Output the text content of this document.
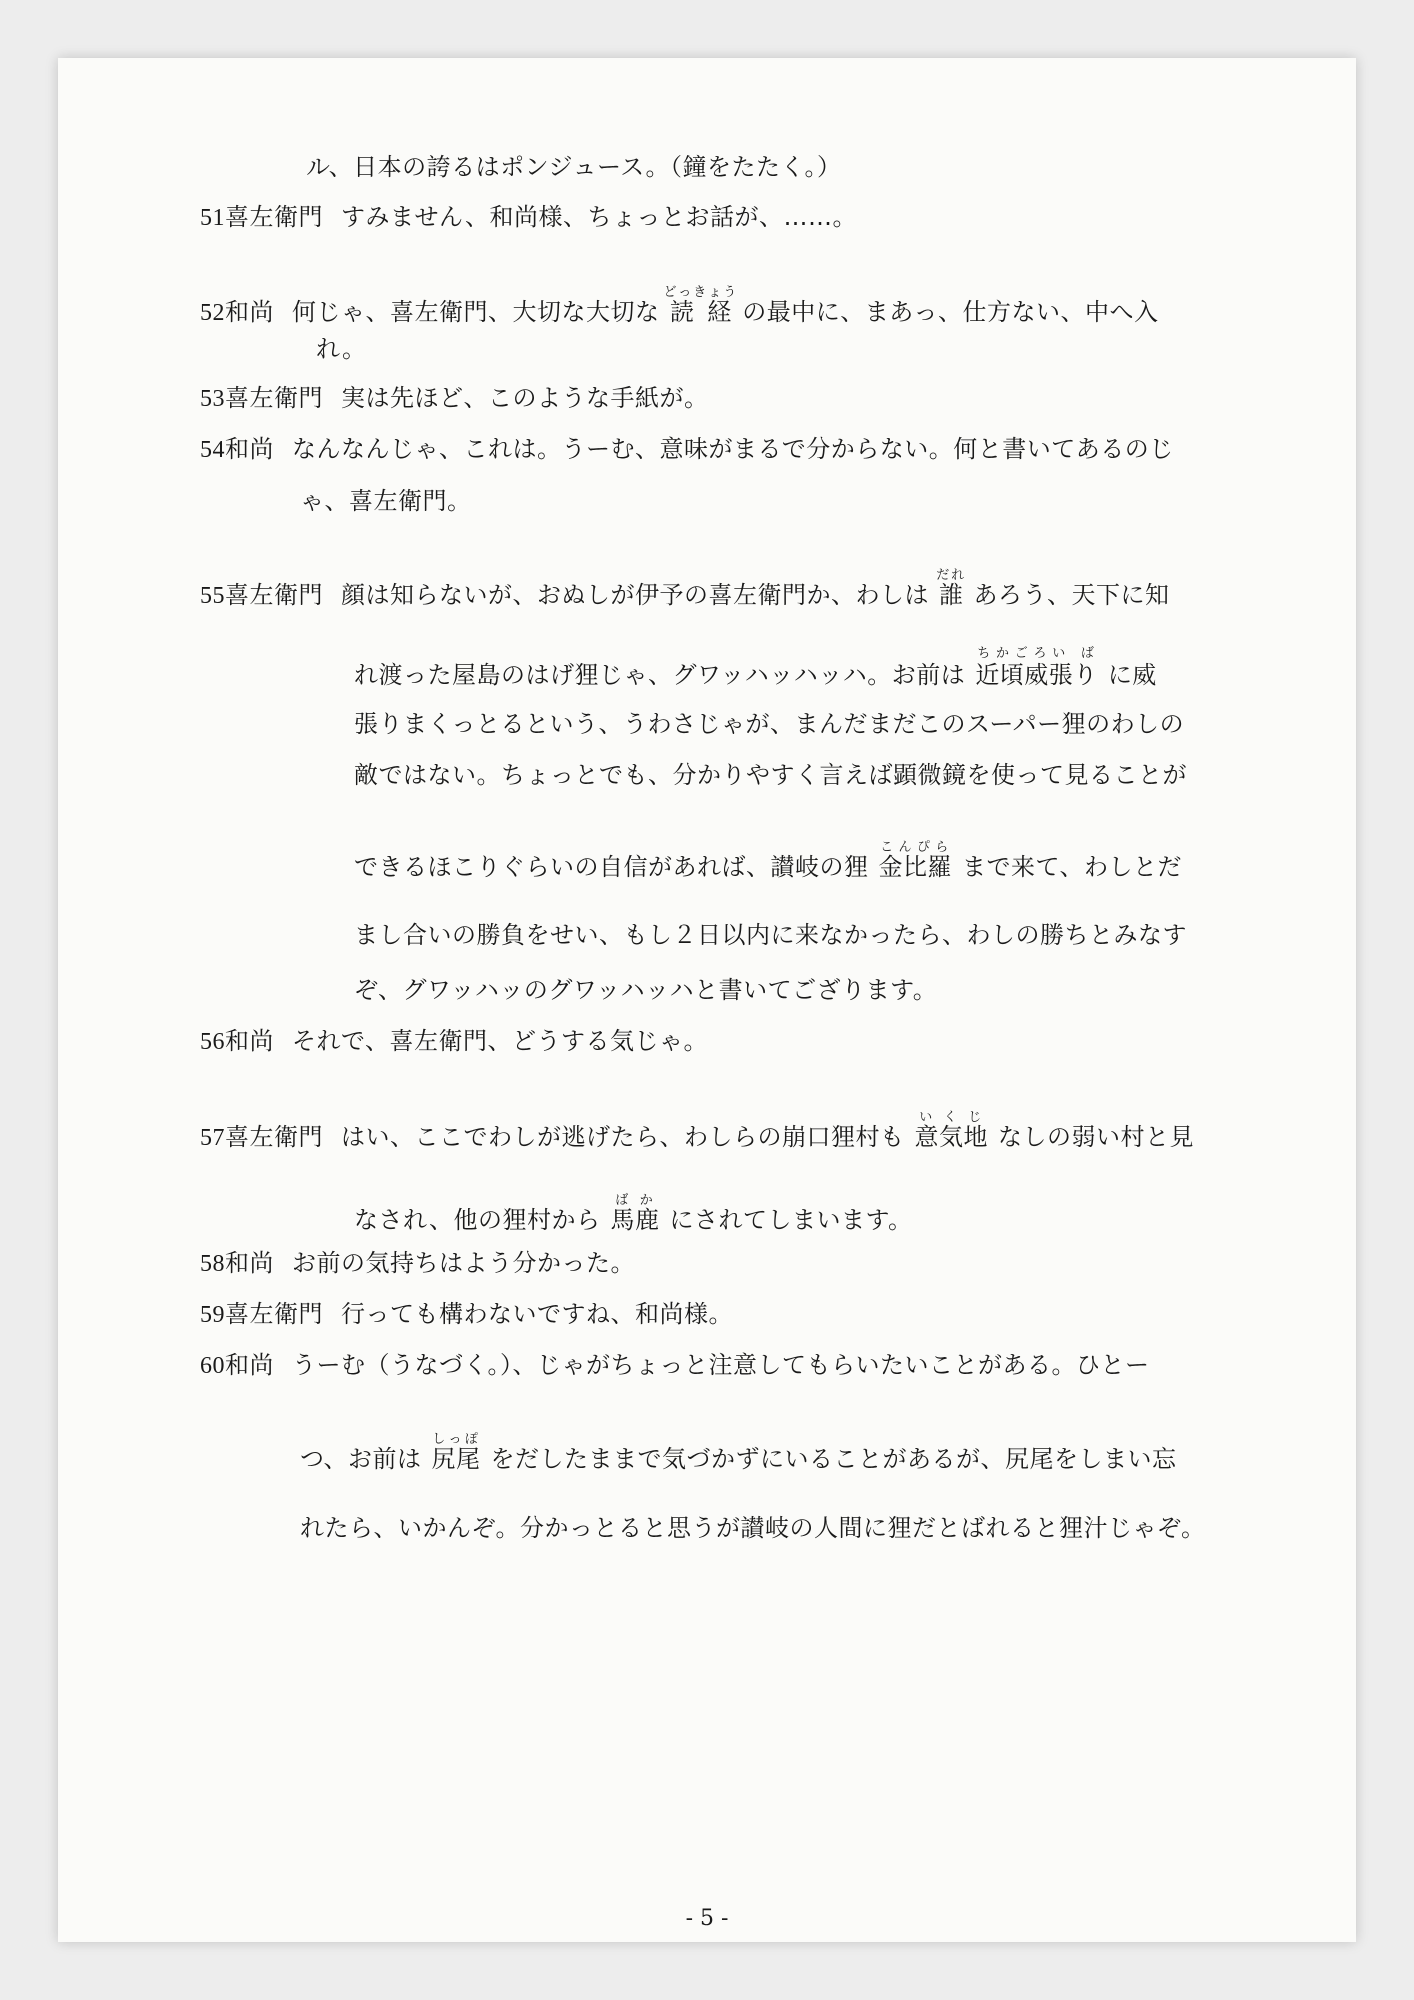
ル、日本の誇るはポンジュース。（鐘をたたく。）
51喜左衛門 すみません、和尚様、ちょっとお話が、……。
52和尚 何じゃ、喜左衛門、大切な大切な 読経どっきょうの最中に、まあっ、仕方ない、中へ入
れ。
53喜左衛門 実は先ほど、このような手紙が。
54和尚 なんなんじゃ、これは。うーむ、意味がまるで分からない。何と書いてあるのじ
ゃ、喜左衛門。
55喜左衛門 顔は知らないが、おぬしが伊予の喜左衛門か、わしは 誰だれあろう、天下に知
れ渡った屋島のはげ狸じゃ、グワッハッハッハ。お前は 近頃威張りちかごろい ばに威
張りまくっとるという、うわさじゃが、まんだまだこのスーパー狸のわしの
敵ではない。ちょっとでも、分かりやすく言えば顕微鏡を使って見ることが
できるほこりぐらいの自信があれば、讃岐の狸 金比羅こんぴらまで来て、わしとだ
まし合いの勝負をせい、もし２日以内に来なかったら、わしの勝ちとみなす
ぞ、グワッハッのグワッハッハと書いてござります。
56和尚 それで、喜左衛門、どうする気じゃ。
57喜左衛門 はい、ここでわしが逃げたら、わしらの崩口狸村も 意気地いくじなしの弱い村と見
なされ、他の狸村から 馬鹿ばかにされてしまいます。
58和尚 お前の気持ちはよう分かった。
59喜左衛門 行っても構わないですね、和尚様。
60和尚 うーむ（うなづく。）、じゃがちょっと注意してもらいたいことがある。ひとー
つ、お前は 尻尾しっぽをだしたままで気づかずにいることがあるが、尻尾をしまい忘
れたら、いかんぞ。分かっとると思うが讃岐の人間に狸だとばれると狸汁じゃぞ。
- 5 -
